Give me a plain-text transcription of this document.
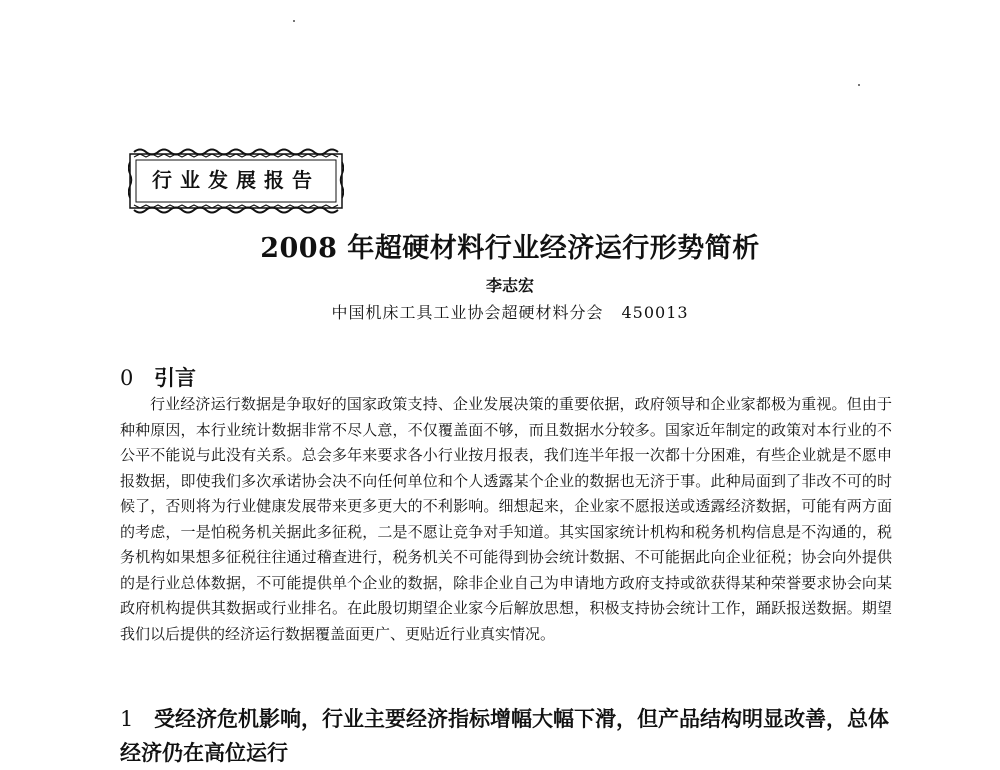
行业发展报告
2008 年超硬材料行业经济运行形势简析
李志宏
中国机床工具工业协会超硬材料分会 450013
0 引言

行业经济运行数据是争取好的国家政策支持、企业发展决策的重要依据，政府领导和企业家都极为重视。但由于种种原因，本行业统计数据非常不尽人意，不仅覆盖面不够，而且数据水分较多。国家近年制定的政策对本行业的不公平不能说与此没有关系。总会多年来要求各小行业按月报表，我们连半年报一次都十分困难，有些企业就是不愿申报数据，即使我们多次承诺协会决不向任何单位和个人透露某个企业的数据也无济于事。此种局面到了非改不可的时候了，否则将为行业健康发展带来更多更大的不利影响。细想起来，企业家不愿报送或透露经济数据，可能有两方面的考虑，一是怕税务机关据此多征税，二是不愿让竞争对手知道。其实国家统计机构和税务机构信息是不沟通的，税务机构如果想多征税往往通过稽查进行，税务机关不可能得到协会统计数据、不可能据此向企业征税；协会向外提供的是行业总体数据，不可能提供单个企业的数据，除非企业自己为申请地方政府支持或欲获得某种荣誉要求协会向某政府机构提供其数据或行业排名。在此殷切期望企业家今后解放思想，积极支持协会统计工作，踊跃报送数据。期望我们以后提供的经济运行数据覆盖面更广、更贴近行业真实情况。

1 受经济危机影响，行业主要经济指标增幅大幅下滑，但产品结构明显改善，总体经济仍在高位运行
